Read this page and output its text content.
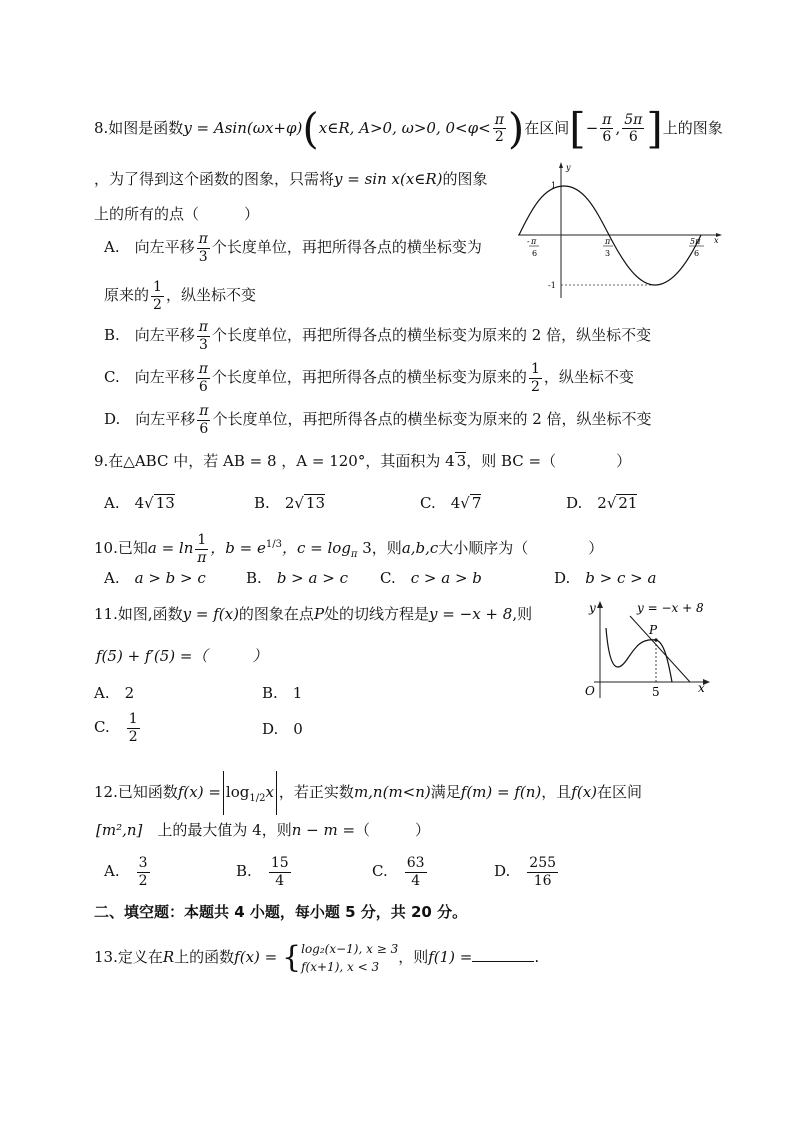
8.如图是函数y = Asin(ωx+φ)(x∈R, A>0, ω>0, $0<\varphi< \frac{\pi}{2}$ )在区间[− $\frac{\pi}{6}$ , $\frac{5\pi}{6}$ ]上的图象
，为了得到这个函数的图象，只需将y = sin x(x∈R)的图象
上的所有的点（　　　）
y
x
1
-1
- π
6
π
3
5π
6
A.　向左平移 $\frac{\pi}{3}$ 个长度单位，再把所得各点的横坐标变为
原来的 $\frac{1}{2}$ ，纵坐标不变
B.　向左平移 $\frac{\pi}{3}$ 个长度单位，再把所得各点的横坐标变为原来的 2 倍，纵坐标不变
C.　向左平移 $\frac{\pi}{6}$ 个长度单位，再把所得各点的横坐标变为原来的 $\frac{1}{2}$ ，纵坐标不变
D.　向左平移 $\frac{\pi}{6}$ 个长度单位，再把所得各点的横坐标变为原来的 2 倍，纵坐标不变
9.在△ABC 中，若 AB = 8 ，A = 120°，其面积为 4 3，则 BC =（　　　　）
A.　 4√ 13	B.　 2√ 13	C.　 4√ 7	D.　 2√ 21
10.已知$a = \ln \frac{1}{\pi}$ ，$b = e^{1/3}$，$c = \log_\pi 3$，则a,b,c大小顺序为（　　　　）
A.　 a > b > c	B.　 b > a > c C.　 c > a > b	D.　 b > c > a
11.如图,函数y = f(x)的图象在点P处的切线方程是y = −x + 8,则
f(5) + f′(5) =（　　　）
A.　2	B.　1
C.　 $\frac{1}{2}$	D.　0
y
x
O	5
y = −x + 8
P
12.已知函数$f(x) = \log_{1/2}x$ ，若正实数m,n(m<n)满足f(m) = f(n)，且f(x)在区间
[m²,n]　 上的最大值为 4，则n − m =（　　　）
A.　 $\frac{3}{2}$	B.　 $\frac{15}{4}$	C.　 $\frac{63}{4}$	D.　 $\frac{255}{16}$
二、填空题：本题共 4 小题，每小题 5 分，共 20 分。
13.定义在R上的函数f(x) = { log₂(x−1), x ≥ 3
f(x+1), x < 3
，则f(1) =	.
